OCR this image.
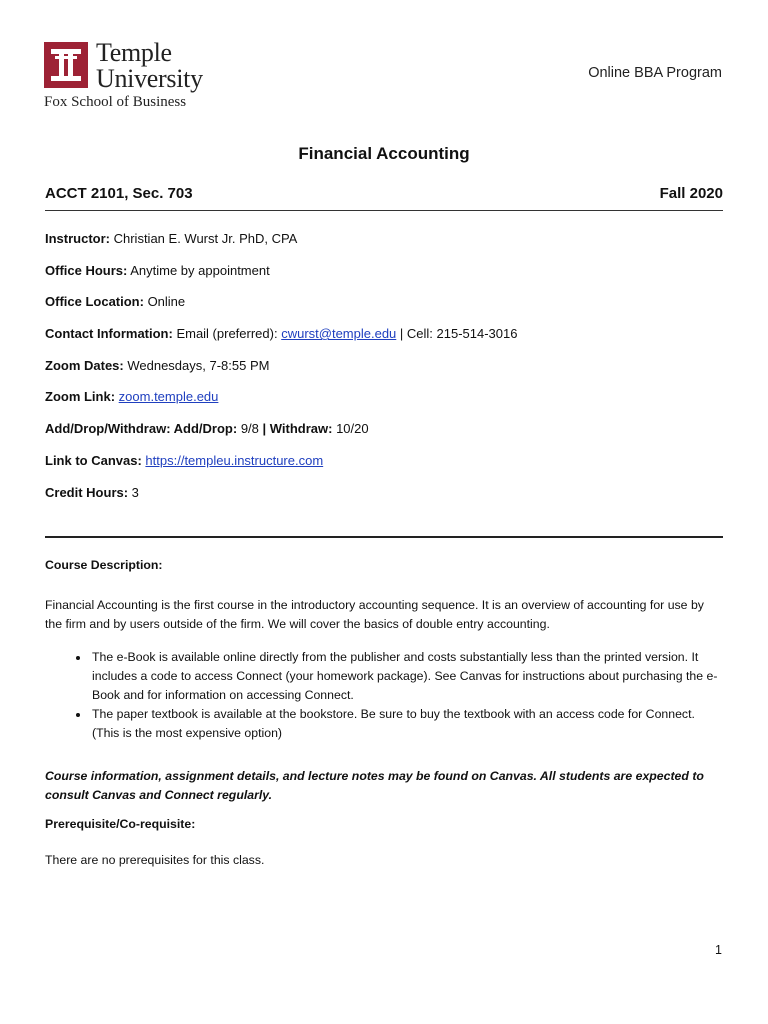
Temple
University
Fox School of Business
Online BBA Program
Financial Accounting
ACCT 2101, Sec. 703	Fall 2020
Instructor: Christian E. Wurst Jr. PhD, CPA
Office Hours: Anytime by appointment
Office Location: Online
Contact Information: Email (preferred): cwurst@temple.edu | Cell: 215-514-3016
Zoom Dates: Wednesdays, 7-8:55 PM
Zoom Link: zoom.temple.edu
Add/Drop/Withdraw: Add/Drop: 9/8 | Withdraw: 10/20
Link to Canvas: https://templeu.instructure.com
Credit Hours: 3

Course Description:

Financial Accounting is the first course in the introductory accounting sequence. It is an overview of accounting for use by the firm and by users outside of the firm. We will cover the basics of double entry accounting.

• The e-Book is available online directly from the publisher and costs substantially less than the printed version. It includes a code to access Connect (your homework package). See Canvas for instructions about purchasing the e-Book and for information on accessing Connect.
• The paper textbook is available at the bookstore. Be sure to buy the textbook with an access code for Connect. (This is the most expensive option)

Course information, assignment details, and lecture notes may be found on Canvas. All students are expected to consult Canvas and Connect regularly.

Prerequisite/Co-requisite:

There are no prerequisites for this class.

1
